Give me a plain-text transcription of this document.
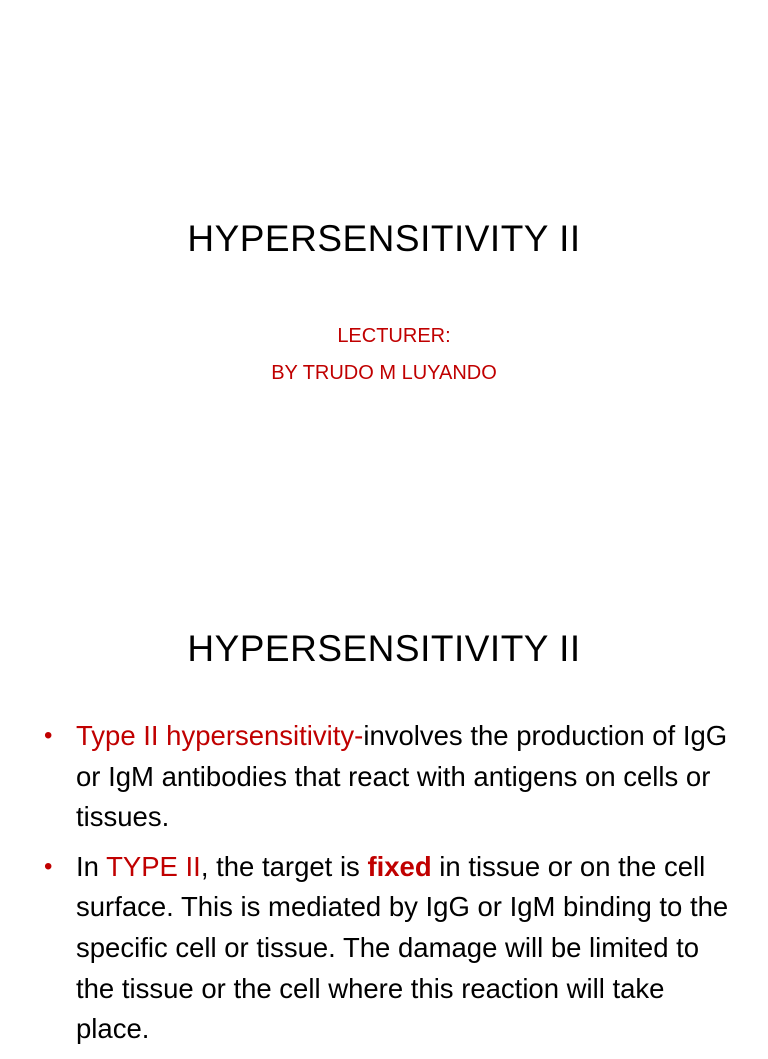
HYPERSENSITIVITY II
LECTURER:
BY TRUDO M LUYANDO
HYPERSENSITIVITY II
• Type II hypersensitivity-involves the production of IgG or IgM antibodies that react with antigens on cells or tissues.
• In TYPE II, the target is fixed in tissue or on the cell surface. This is mediated by IgG or IgM binding to the specific cell or tissue. The damage will be limited to the tissue or the cell where this reaction will take place.
